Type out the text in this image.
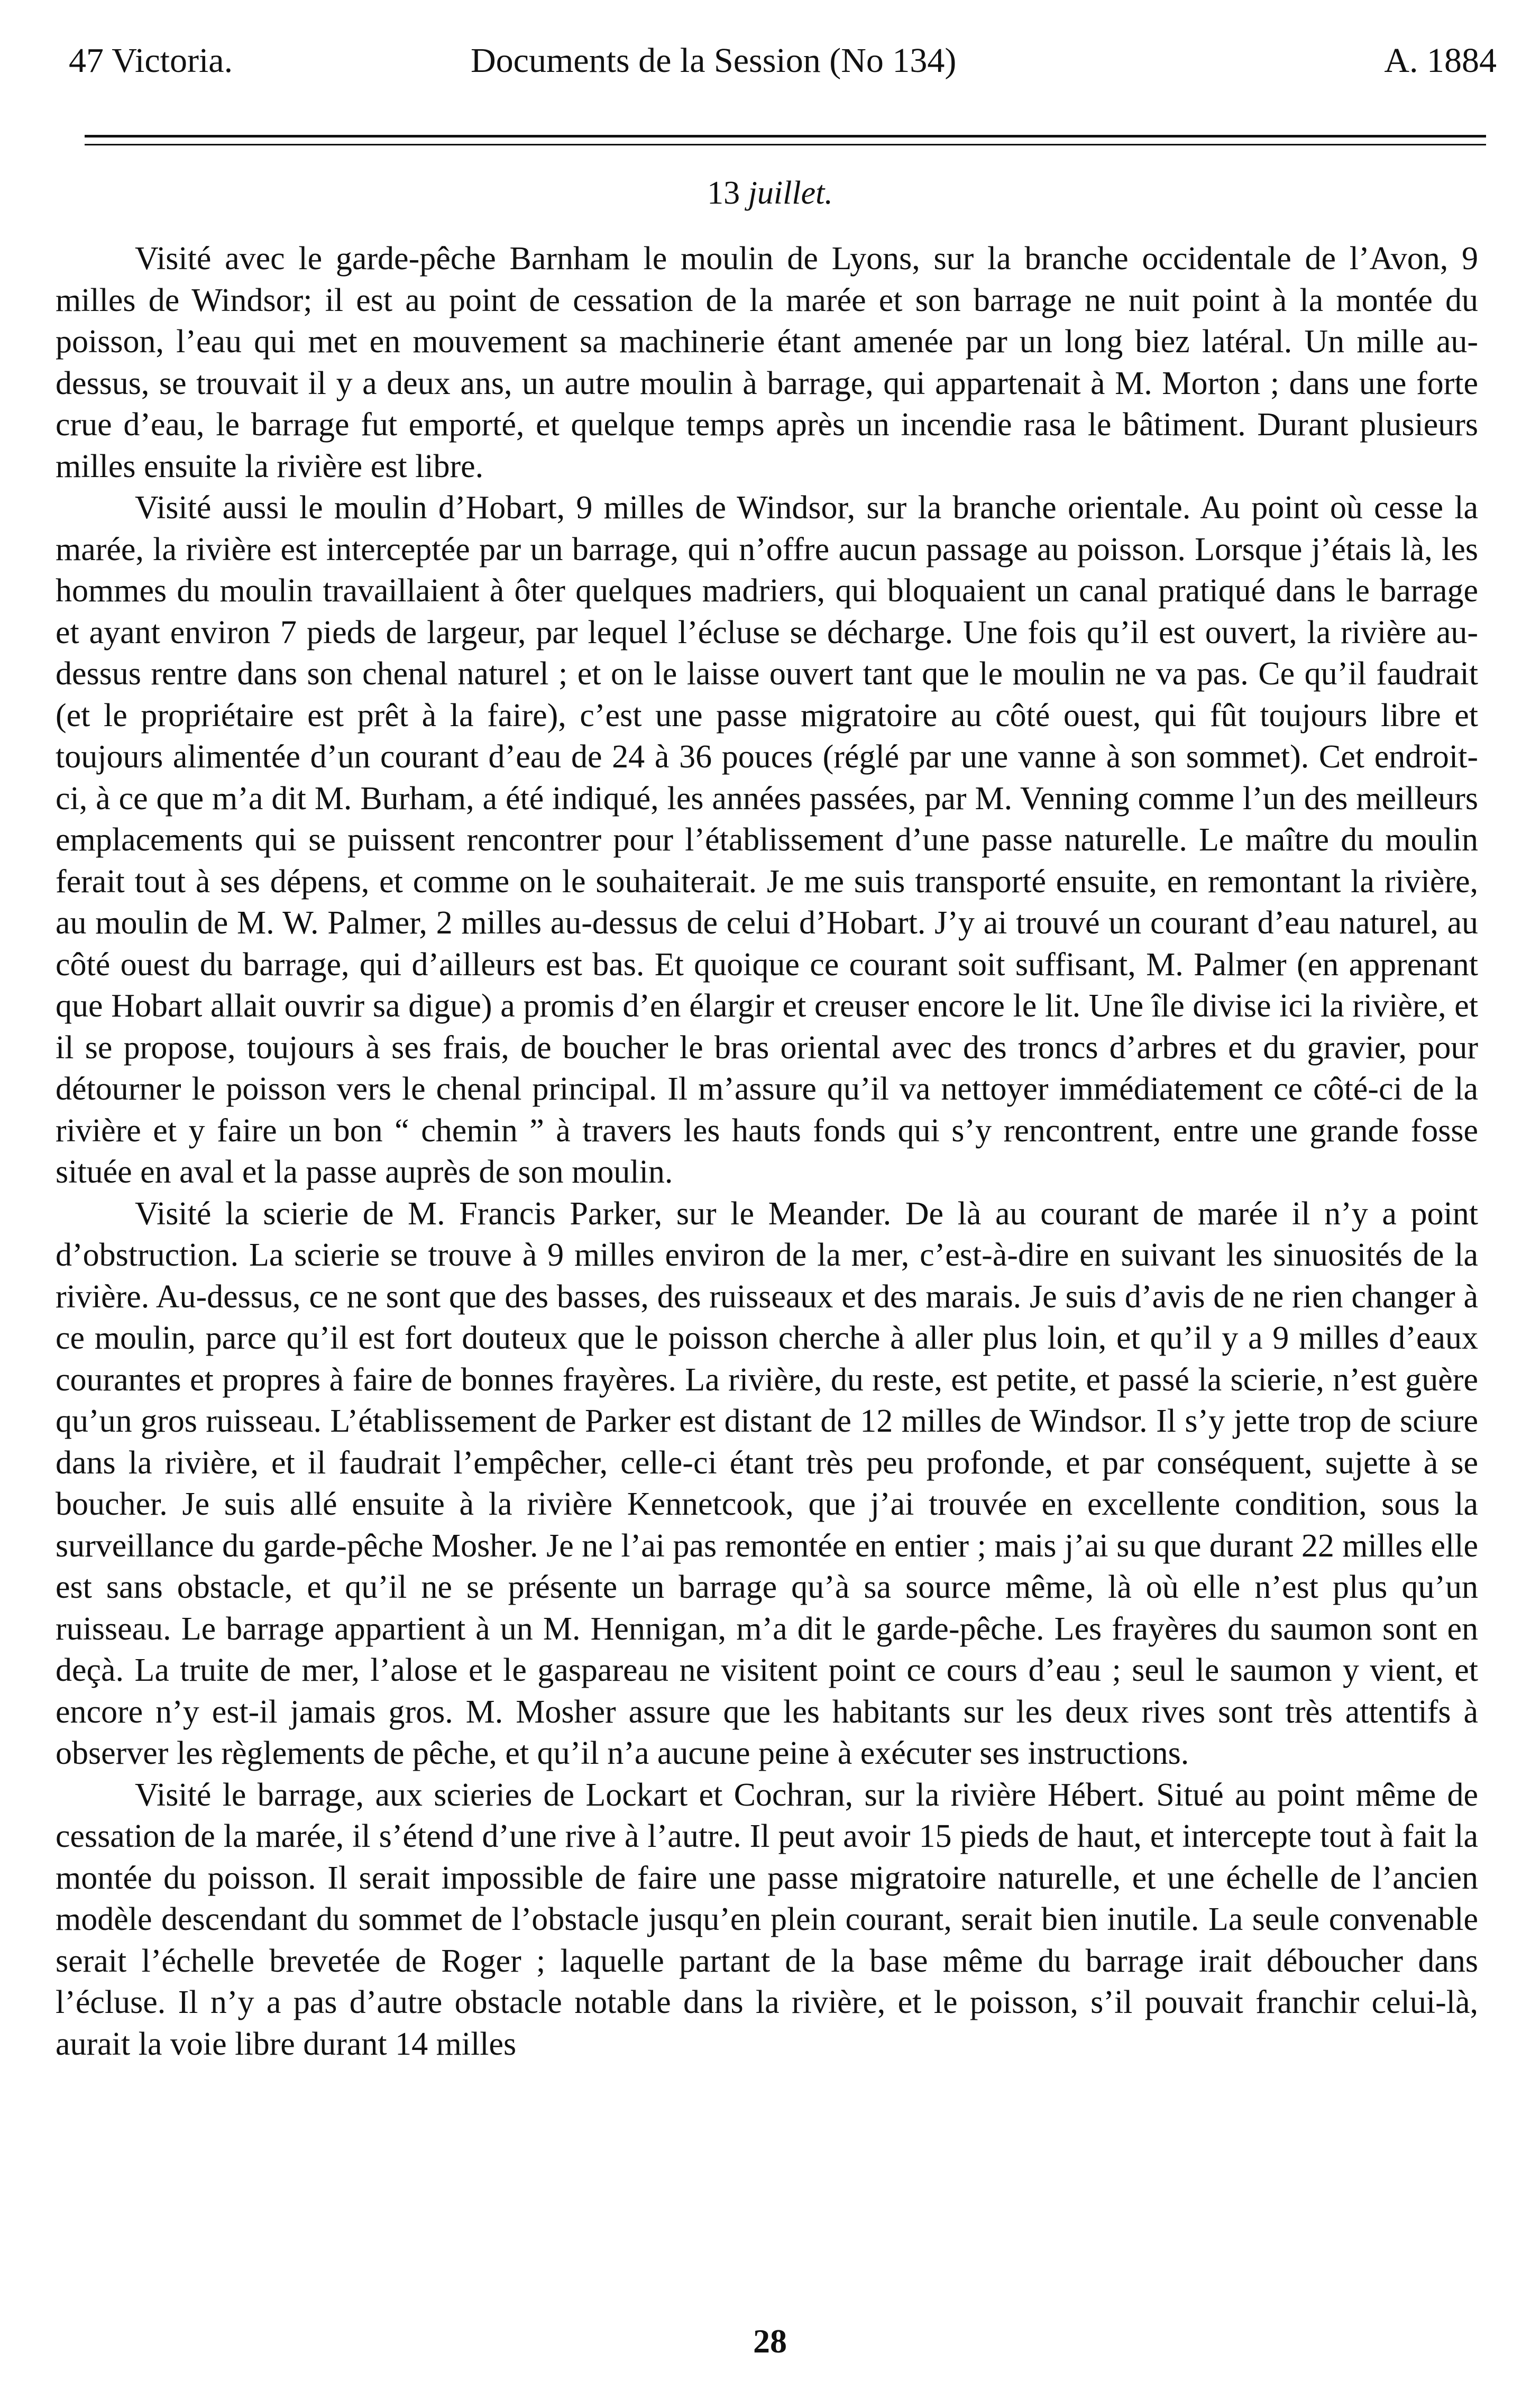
47 Victoria.	Documents de la Session (No 134)	A. 1884
13 juillet.

Visité avec le garde-pêche Barnham le moulin de Lyons, sur la branche occidentale de l’Avon, 9 milles de Windsor; il est au point de cessation de la marée et son barrage ne nuit point à la montée du poisson, l’eau qui met en mouvement sa machinerie étant amenée par un long biez latéral. Un mille au-dessus, se trouvait il y a deux ans, un autre moulin à barrage, qui appartenait à M. Morton ; dans une forte crue d’eau, le barrage fut emporté, et quelque temps après un incendie rasa le bâtiment. Durant plusieurs milles ensuite la rivière est libre.

Visité aussi le moulin d’Hobart, 9 milles de Windsor, sur la branche orientale. Au point où cesse la marée, la rivière est interceptée par un barrage, qui n’offre aucun passage au poisson. Lorsque j’étais là, les hommes du moulin travaillaient à ôter quelques madriers, qui bloquaient un canal pratiqué dans le barrage et ayant environ 7 pieds de largeur, par lequel l’écluse se décharge. Une fois qu’il est ouvert, la rivière au-dessus rentre dans son chenal naturel ; et on le laisse ouvert tant que le moulin ne va pas. Ce qu’il faudrait (et le propriétaire est prêt à la faire), c’est une passe migratoire au côté ouest, qui fût toujours libre et toujours alimentée d’un courant d’eau de 24 à 36 pouces (réglé par une vanne à son sommet). Cet endroit-ci, à ce que m’a dit M. Burham, a été indiqué, les années passées, par M. Venning comme l’un des meilleurs emplacements qui se puissent rencontrer pour l’établissement d’une passe naturelle. Le maître du moulin ferait tout à ses dépens, et comme on le souhaiterait. Je me suis transporté ensuite, en remontant la rivière, au moulin de M. W. Palmer, 2 milles au-dessus de celui d’Hobart. J’y ai trouvé un courant d’eau naturel, au côté ouest du barrage, qui d’ailleurs est bas. Et quoique ce courant soit suffisant, M. Palmer (en apprenant que Hobart allait ouvrir sa digue) a promis d’en élargir et creuser encore le lit. Une île divise ici la rivière, et il se propose, toujours à ses frais, de boucher le bras oriental avec des troncs d’arbres et du gravier, pour détourner le poisson vers le chenal principal. Il m’assure qu’il va nettoyer immédiatement ce côté-ci de la rivière et y faire un bon “ chemin ” à travers les hauts fonds qui s’y rencontrent, entre une grande fosse située en aval et la passe auprès de son moulin.

Visité la scierie de M. Francis Parker, sur le Meander. De là au courant de marée il n’y a point d’obstruction. La scierie se trouve à 9 milles environ de la mer, c’est-à-dire en suivant les sinuosités de la rivière. Au-dessus, ce ne sont que des basses, des ruisseaux et des marais. Je suis d’avis de ne rien changer à ce moulin, parce qu’il est fort douteux que le poisson cherche à aller plus loin, et qu’il y a 9 milles d’eaux courantes et propres à faire de bonnes frayères. La rivière, du reste, est petite, et passé la scierie, n’est guère qu’un gros ruisseau. L’établissement de Parker est distant de 12 milles de Windsor. Il s’y jette trop de sciure dans la rivière, et il faudrait l’empêcher, celle-ci étant très peu profonde, et par conséquent, sujette à se boucher. Je suis allé ensuite à la rivière Kennetcook, que j’ai trouvée en excellente condition, sous la surveillance du garde-pêche Mosher. Je ne l’ai pas remontée en entier ; mais j’ai su que durant 22 milles elle est sans obstacle, et qu’il ne se présente un barrage qu’à sa source même, là où elle n’est plus qu’un ruisseau. Le barrage appartient à un M. Hennigan, m’a dit le garde-pêche. Les frayères du saumon sont en deçà. La truite de mer, l’alose et le gaspareau ne visitent point ce cours d’eau ; seul le saumon y vient, et encore n’y est-il jamais gros. M. Mosher assure que les habitants sur les deux rives sont très attentifs à observer les règlements de pêche, et qu’il n’a aucune peine à exécuter ses instructions.

Visité le barrage, aux scieries de Lockart et Cochran, sur la rivière Hébert. Situé au point même de cessation de la marée, il s’étend d’une rive à l’autre. Il peut avoir 15 pieds de haut, et intercepte tout à fait la montée du poisson. Il serait impossible de faire une passe migratoire naturelle, et une échelle de l’ancien modèle descendant du sommet de l’obstacle jusqu’en plein courant, serait bien inutile. La seule convenable serait l’échelle brevetée de Roger ; laquelle partant de la base même du barrage irait déboucher dans l’écluse. Il n’y a pas d’autre obstacle notable dans la rivière, et le poisson, s’il pouvait franchir celui-là, aurait la voie libre durant 14 milles

28
